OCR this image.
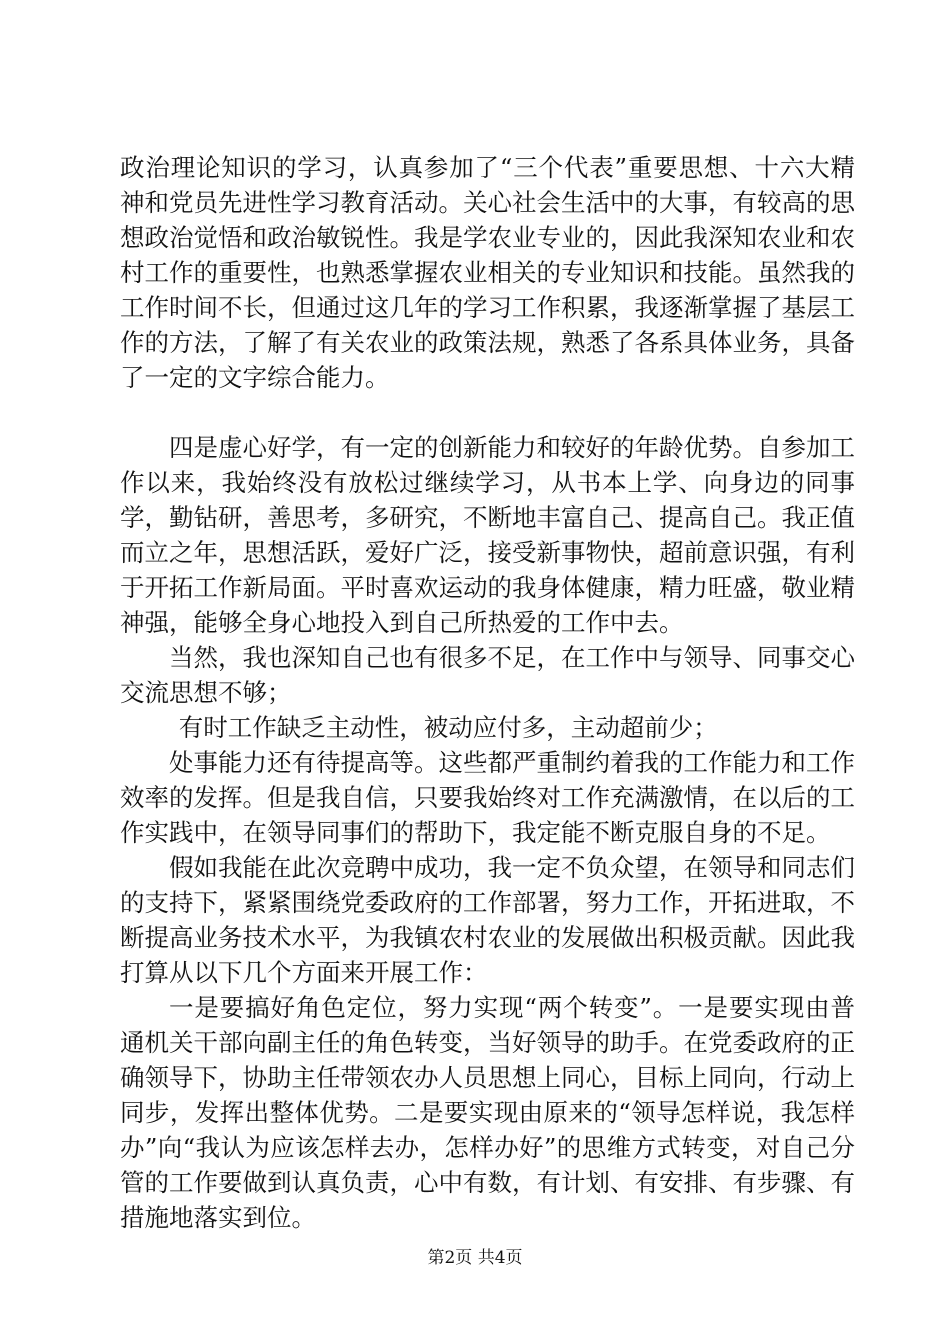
政治理论知识的学习，认真参加了“三个代表”重要思想、十六大精神和党员先进性学习教育活动。关心社会生活中的大事，有较高的思想政治觉悟和政治敏锐性。我是学农业专业的，因此我深知农业和农村工作的重要性，也熟悉掌握农业相关的专业知识和技能。虽然我的工作时间不长，但通过这几年的学习工作积累，我逐渐掌握了基层工作的方法，了解了有关农业的政策法规，熟悉了各系具体业务，具备了一定的文字综合能力。

四是虚心好学，有一定的创新能力和较好的年龄优势。自参加工作以来，我始终没有放松过继续学习，从书本上学、向身边的同事学，勤钻研，善思考，多研究，不断地丰富自己、提高自己。我正值而立之年，思想活跃，爱好广泛，接受新事物快，超前意识强，有利于开拓工作新局面。平时喜欢运动的我身体健康，精力旺盛，敬业精神强，能够全身心地投入到自己所热爱的工作中去。

当然，我也深知自己也有很多不足，在工作中与领导、同事交心交流思想不够；

有时工作缺乏主动性，被动应付多，主动超前少；

处事能力还有待提高等。这些都严重制约着我的工作能力和工作效率的发挥。但是我自信，只要我始终对工作充满激情，在以后的工作实践中，在领导同事们的帮助下，我定能不断克服自身的不足。

假如我能在此次竞聘中成功，我一定不负众望，在领导和同志们的支持下，紧紧围绕党委政府的工作部署，努力工作，开拓进取，不断提高业务技术水平，为我镇农村农业的发展做出积极贡献。因此我打算从以下几个方面来开展工作：

一是要搞好角色定位，努力实现“两个转变”。一是要实现由普通机关干部向副主任的角色转变，当好领导的助手。在党委政府的正确领导下，协助主任带领农办人员思想上同心，目标上同向，行动上同步，发挥出整体优势。二是要实现由原来的“领导怎样说，我怎样办”向“我认为应该怎样去办，怎样办好”的思维方式转变，对自己分管的工作要做到认真负责，心中有数，有计划、有安排、有步骤、有措施地落实到位。

第2页 共4页
